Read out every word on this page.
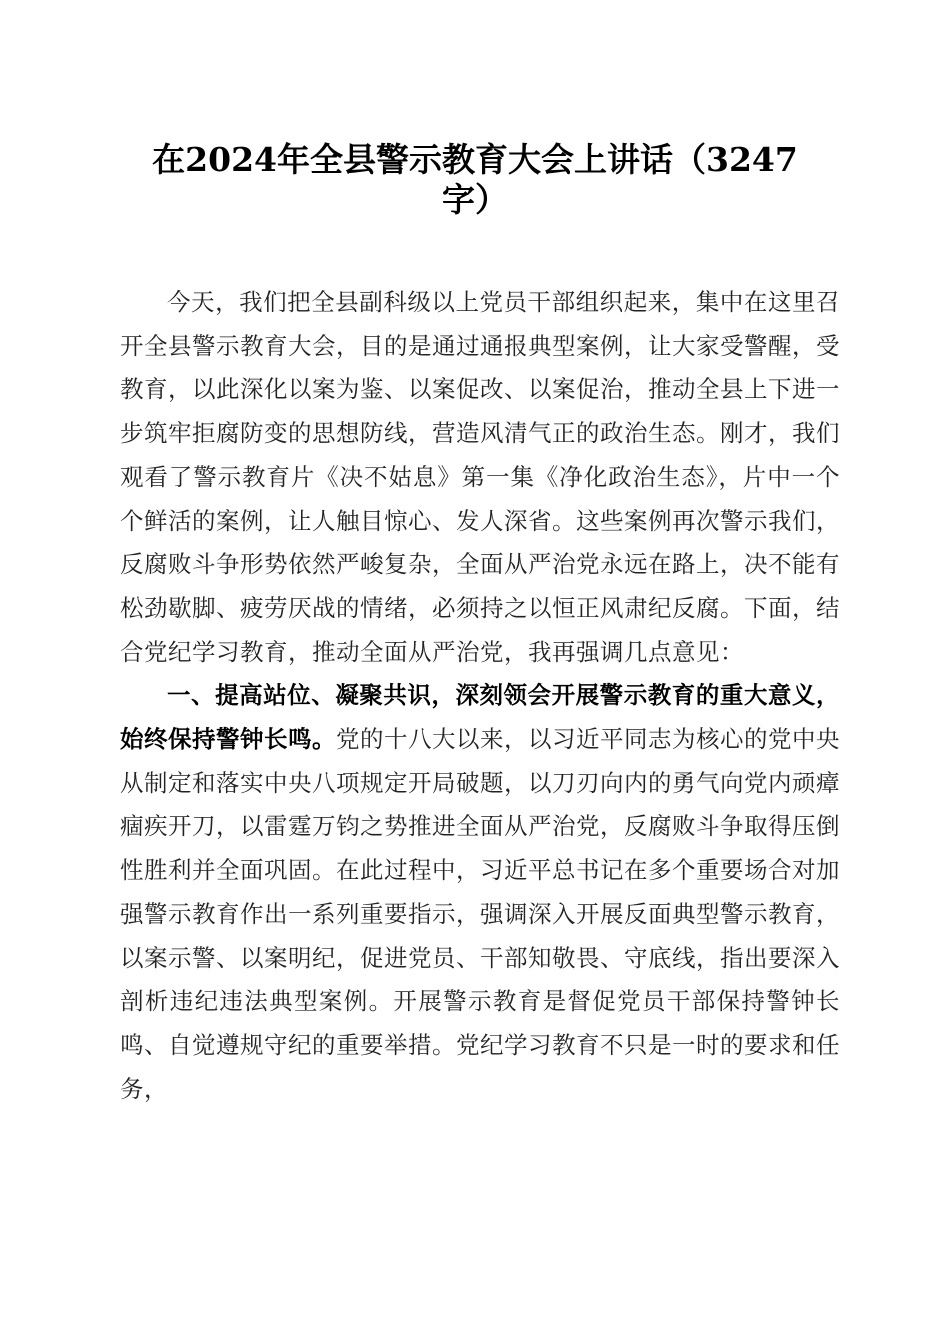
在2024年全县警示教育大会上讲话（3247
字）

今天，我们把全县副科级以上党员干部组织起来，集中在这里召开全县警示教育大会，目的是通过通报典型案例，让大家受警醒，受教育，以此深化以案为鉴、以案促改、以案促治，推动全县上下进一步筑牢拒腐防变的思想防线，营造风清气正的政治生态。刚才，我们观看了警示教育片《决不姑息》第一集《净化政治生态》，片中一个个鲜活的案例，让人触目惊心、发人深省。这些案例再次警示我们，反腐败斗争形势依然严峻复杂，全面从严治党永远在路上，决不能有松劲歇脚、疲劳厌战的情绪，必须持之以恒正风肃纪反腐。下面，结合党纪学习教育，推动全面从严治党，我再强调几点意见：

一、提高站位、凝聚共识，深刻领会开展警示教育的重大意义，始终保持警钟长鸣。党的十八大以来，以习近平同志为核心的党中央从制定和落实中央八项规定开局破题，以刀刃向内的勇气向党内顽瘴痼疾开刀，以雷霆万钧之势推进全面从严治党，反腐败斗争取得压倒性胜利并全面巩固。在此过程中，习近平总书记在多个重要场合对加强警示教育作出一系列重要指示，强调深入开展反面典型警示教育，以案示警、以案明纪，促进党员、干部知敬畏、守底线，指出要深入剖析违纪违法典型案例。开展警示教育是督促党员干部保持警钟长鸣、自觉遵规守纪的重要举措。党纪学习教育不只是一时的要求和任务，
